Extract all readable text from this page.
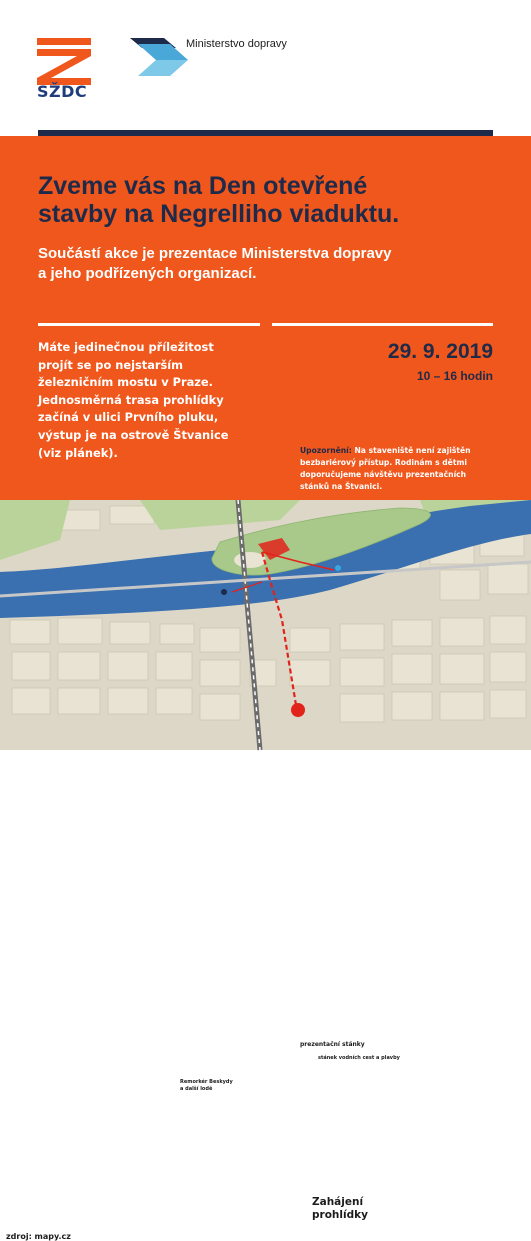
SŽDC
Ministerstvo dopravy
Zveme vás na Den otevřené
stavby na Negrelliho viaduktu.
Součástí akce je prezentace Ministerstva dopravy
a jeho podřízených organizací.
Máte jedinečnou příležitost
projít se po nejstarším
železničním mostu v Praze.
Jednosměrná trasa prohlídky
začíná v ulici Prvního pluku,
výstup je na ostrově Štvanice
(viz plánek).
29. 9. 2019
10 – 16 hodin
Upozornění: Na staveniště není zajištěn
bezbariérový přístup. Rodinám s dětmi
doporučujeme návštěvu prezentačních
stánků na Štvanici.
prezentační stánky
stánek vodních cest a plavby
Remorkér Beskydy
a další lodě
Zahájení
prohlídky
zdroj: mapy.cz
